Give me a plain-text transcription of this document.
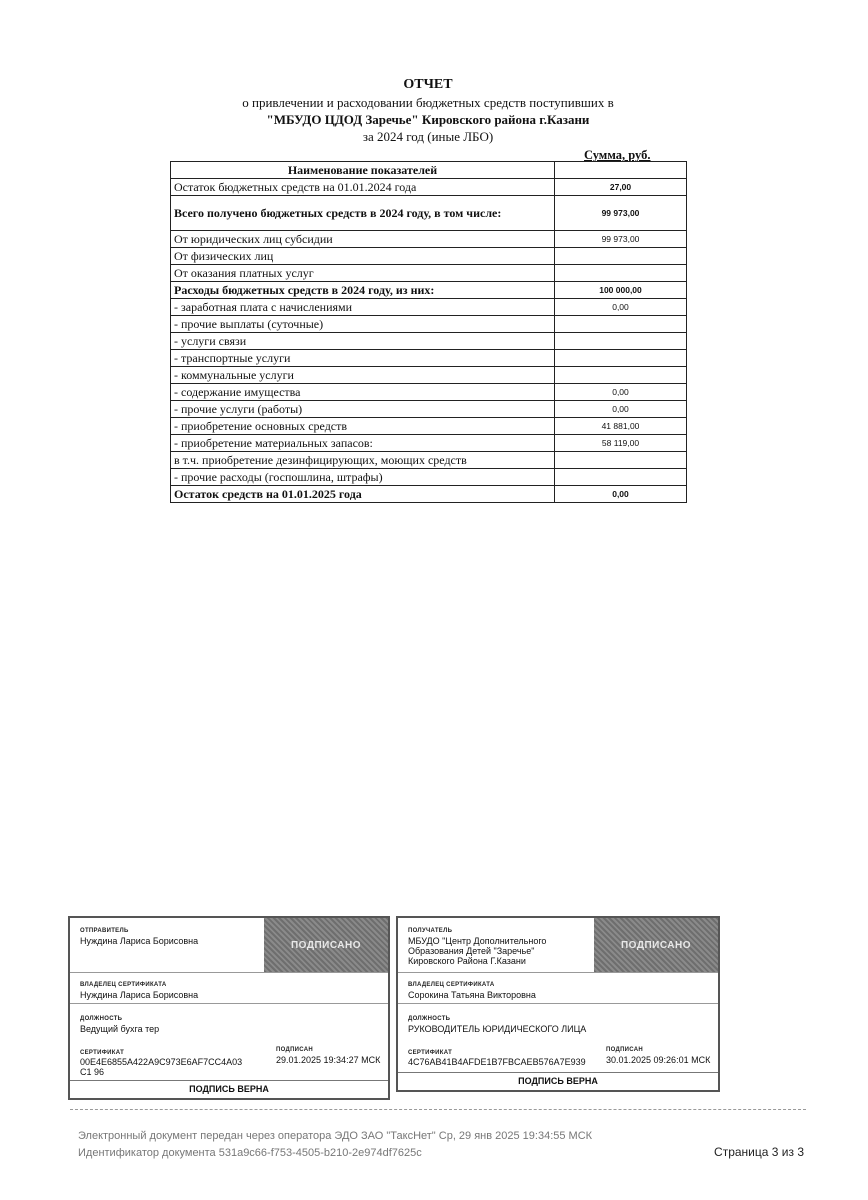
ОТЧЕТ
о привлечении и расходовании бюджетных средств поступивших в
"МБУДО ЦДОД Заречье" Кировского района г.Казани
за 2024 год (иные ЛБО)
Сумма, руб.
Наименование показателей	
Остаток бюджетных средств на 01.01.2024 года	27,00
Всего получено бюджетных средств в 2024 году, в том числе:	99 973,00
От юридических лиц субсидии	99 973,00
От физических лиц	
От оказания платных услуг	
Расходы бюджетных средств в 2024 году, из них:	100 000,00
- заработная плата с начислениями	0,00
- прочие выплаты (суточные)	
- услуги связи	
- транспортные услуги	
- коммунальные услуги	
- содержание имущества	0,00
- прочие услуги (работы)	0,00
- приобретение основных средств	41 881,00
- приобретение материальных запасов:	58 119,00
в т.ч. приобретение дезинфицирующих, моющих средств	
- прочие расходы (госпошлина, штрафы)	
Остаток средств на 01.01.2025 года	0,00
ОТПРАВИТЕЛЬ
Нуждина Лариса Борисовна	ПОДПИСАНО
ВЛАДЕЛЕЦ СЕРТИФИКАТА
Нуждина Лариса Борисовна
ДОЛЖНОСТЬ
Ведущий бухга тер
СЕРТИФИКАТ
00E4E6855A422A9C973E6AF7CC4A03C1 96
ПОДПИСАН
29.01.2025 19:34:27 МСК
ПОДПИСЬ ВЕРНА
ПОЛУЧАТЕЛЬ
МБУДО "Центр Дополнительного Образования Детей "Заречье" Кировского Района Г.Казани
ПОДПИСАНО
ВЛАДЕЛЕЦ СЕРТИФИКАТА
Сорокина Татьяна Викторовна
ДОЛЖНОСТЬ
РУКОВОДИТЕЛЬ ЮРИДИЧЕСКОГО ЛИЦА
СЕРТИФИКАТ
4C76AB41B4AFDE1B7FBCAEB576A7E939
ПОДПИСАН
30.01.2025 09:26:01 МСК
ПОДПИСЬ ВЕРНА
Электронный документ передан через оператора ЭДО ЗАО "ТаксНет" Ср, 29 янв 2025 19:34:55 МСК
Идентификатор документа 531a9c66-f753-4505-b210-2e974df7625c	Страница 3 из 3
